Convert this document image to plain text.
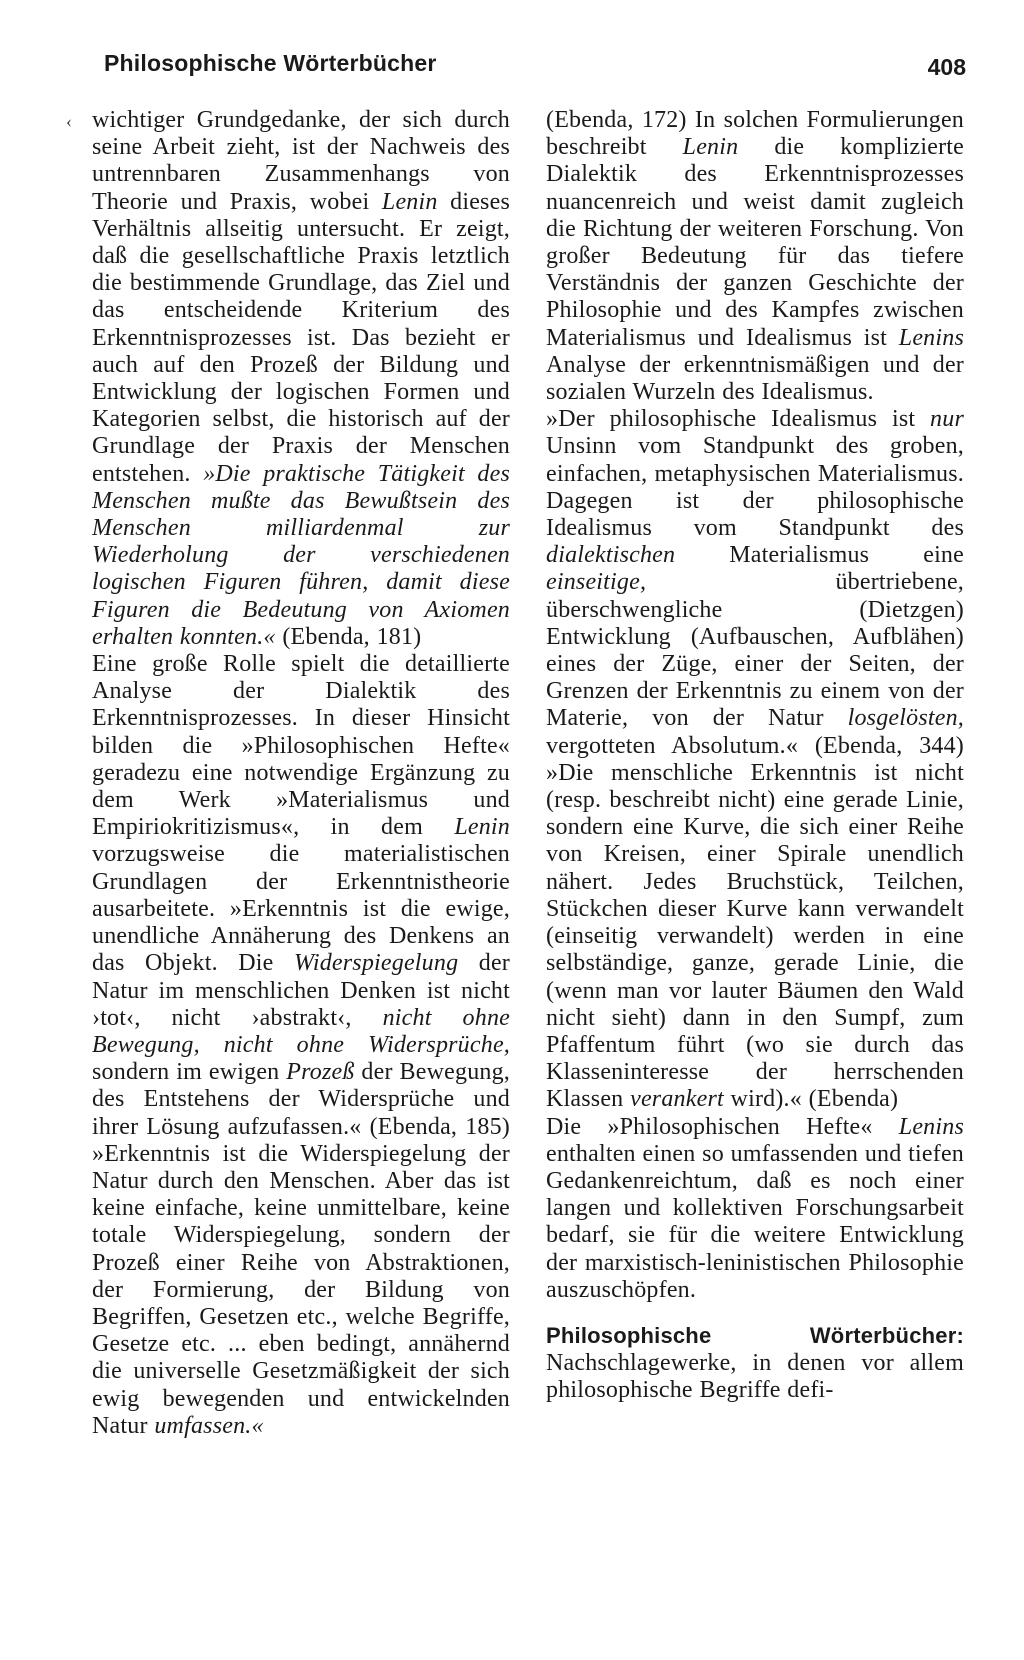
Philosophische Wörterbücher	408
‹ wichtiger Grundgedanke, der sich durch seine Arbeit zieht, ist der Nachweis des untrennbaren Zusammenhangs von Theorie und Praxis, wobei Lenin dieses Verhältnis allseitig untersucht. Er zeigt, daß die gesellschaftliche Praxis letztlich die bestimmende Grundlage, das Ziel und das entscheidende Kriterium des Erkenntnisprozesses ist. Das bezieht er auch auf den Prozeß der Bildung und Entwicklung der logischen Formen und Kategorien selbst, die historisch auf der Grundlage der Praxis der Menschen entstehen. »Die praktische Tätigkeit des Menschen mußte das Bewußtsein des Menschen milliardenmal zur Wiederholung der verschiedenen logischen Figuren führen, damit diese Figuren die Bedeutung von Axiomen erhalten konnten.« (Ebenda, 181)

Eine große Rolle spielt die detaillierte Analyse der Dialektik des Erkenntnisprozesses. In dieser Hinsicht bilden die »Philosophischen Hefte« geradezu eine notwendige Ergänzung zu dem Werk »Materialismus und Empiriokritizismus«, in dem Lenin vorzugsweise die materialistischen Grundlagen der Erkenntnistheorie ausarbeitete. »Erkenntnis ist die ewige, unendliche Annäherung des Denkens an das Objekt. Die Widerspiegelung der Natur im menschlichen Denken ist nicht ›tot‹, nicht ›abstrakt‹, nicht ohne Bewegung, nicht ohne Widersprüche, sondern im ewigen Prozeß der Bewegung, des Entstehens der Widersprüche und ihrer Lösung aufzufassen.« (Ebenda, 185) »Erkenntnis ist die Widerspiegelung der Natur durch den Menschen. Aber das ist keine einfache, keine unmittelbare, keine totale Widerspiegelung, sondern der Prozeß einer Reihe von Abstraktionen, der Formierung, der Bildung von Begriffen, Gesetzen etc., welche Begriffe, Gesetze etc. ... eben bedingt, annähernd die universelle Gesetzmäßigkeit der sich ewig bewegenden und entwickelnden Natur umfassen.«

(Ebenda, 172) In solchen Formulierungen beschreibt Lenin die komplizierte Dialektik des Erkenntnisprozesses nuancenreich und weist damit zugleich die Richtung der weiteren Forschung. Von großer Bedeutung für das tiefere Verständnis der ganzen Geschichte der Philosophie und des Kampfes zwischen Materialismus und Idealismus ist Lenins Analyse der erkenntnismäßigen und der sozialen Wurzeln des Idealismus.

»Der philosophische Idealismus ist nur Unsinn vom Standpunkt des groben, einfachen, metaphysischen Materialismus. Dagegen ist der philosophische Idealismus vom Standpunkt des dialektischen Materialismus eine einseitige, übertriebene, überschwengliche (Dietzgen) Entwicklung (Aufbauschen, Aufblähen) eines der Züge, einer der Seiten, der Grenzen der Erkenntnis zu einem von der Materie, von der Natur losgelösten, vergotteten Absolutum.« (Ebenda, 344) »Die menschliche Erkenntnis ist nicht (resp. beschreibt nicht) eine gerade Linie, sondern eine Kurve, die sich einer Reihe von Kreisen, einer Spirale unendlich nähert. Jedes Bruchstück, Teilchen, Stückchen dieser Kurve kann verwandelt (einseitig verwandelt) werden in eine selbständige, ganze, gerade Linie, die (wenn man vor lauter Bäumen den Wald nicht sieht) dann in den Sumpf, zum Pfaffentum führt (wo sie durch das Klasseninteresse der herrschenden Klassen verankert wird).« (Ebenda)

Die »Philosophischen Hefte« Lenins enthalten einen so umfassenden und tiefen Gedankenreichtum, daß es noch einer langen und kollektiven Forschungsarbeit bedarf, sie für die weitere Entwicklung der marxistisch-leninistischen Philosophie auszuschöpfen.

Philosophische Wörterbücher: Nachschlagewerke, in denen vor allem philosophische Begriffe defi-
